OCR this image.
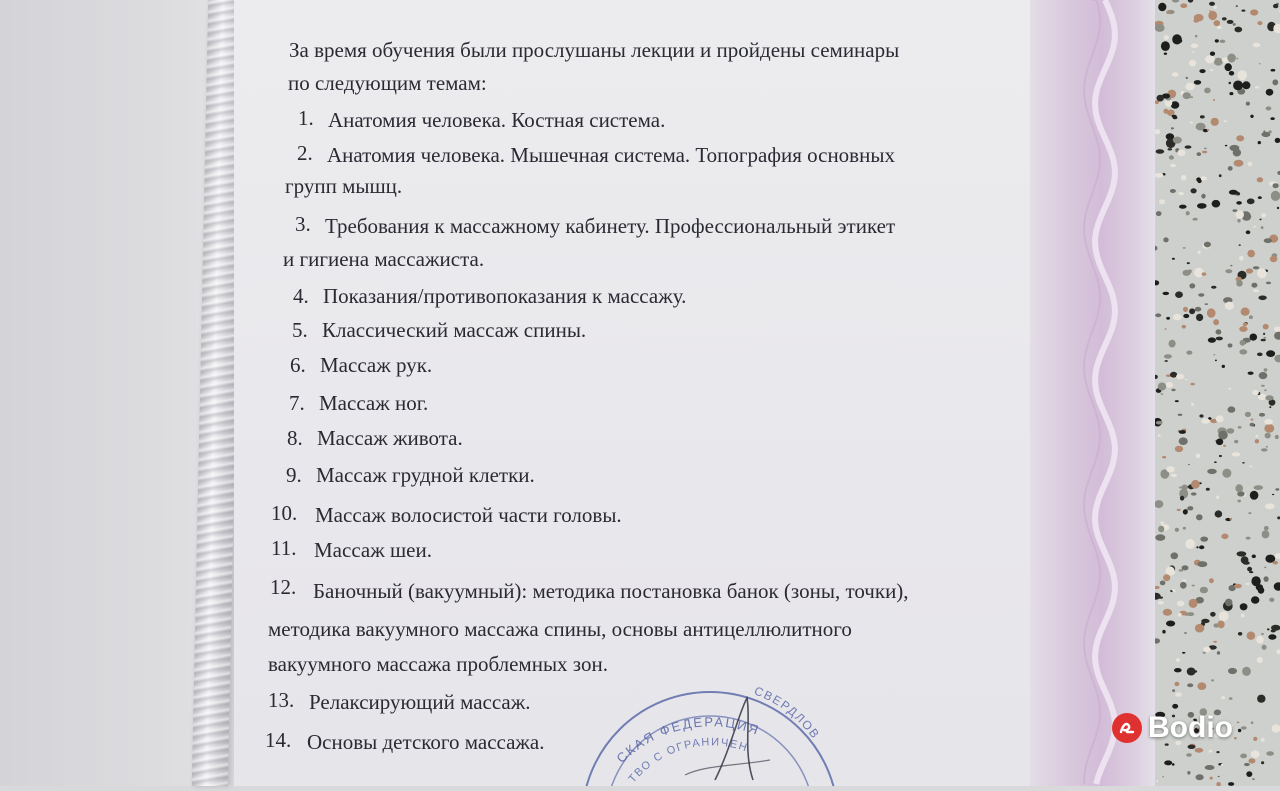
За время обучения были прослушаны лекции и пройдены семинары
по следующим темам:
1. Анатомия человека. Костная система.
2. Анатомия человека. Мышечная система. Топография основных
групп мышц.
3. Требования к массажному кабинету. Профессиональный этикет
и гигиена массажиста.
4. Показания/противопоказания к массажу.
5. Классический массаж спины.
6. Массаж рук.
7. Массаж ног.
8. Массаж живота.
9. Массаж грудной клетки.
10. Массаж волосистой части головы.
11. Массаж шеи.
12. Баночный (вакуумный): методика постановка банок (зоны, точки),
методика вакуумного массажа спины, основы антицеллюлитного
вакуумного массажа проблемных зон.
13. Релаксирующий массаж.
14. Основы детского массажа.
СКАЯ ФЕДЕРАЦИЯ
ТВО С ОГРАНИЧЕН
СВЕРДЛОВ	Bodio
